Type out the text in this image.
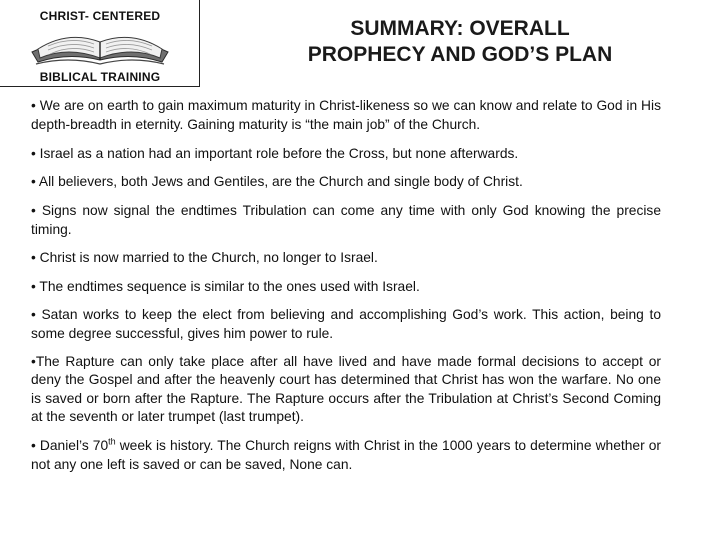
CHRIST- CENTERED
BIBLICAL TRAINING
SUMMARY: OVERALL
PROPHECY AND GOD’S PLAN
• We are on earth to gain maximum maturity in Christ-likeness so we can know and relate to God in His depth-breadth in eternity. Gaining maturity is “the main job” of the Church.
• Israel as a nation had an important role before the Cross, but none afterwards.
• All believers, both Jews and Gentiles, are the Church and single body of Christ.
• Signs now signal the endtimes Tribulation can come any time with only God knowing the precise timing.
• Christ is now married to the Church, no longer to Israel.
• The endtimes sequence is similar to the ones used with Israel.
• Satan works to keep the elect from believing and accomplishing God’s work. This action, being to some degree successful, gives him power to rule.
•The Rapture can only take place after all have lived and have made formal decisions to accept or deny the Gospel and after the heavenly court has determined that Christ has won the warfare. No one is saved or born after the Rapture. The Rapture occurs after the Tribulation at Christ’s Second Coming at the seventh or later trumpet (last trumpet).
• Daniel’s 70th week is history. The Church reigns with Christ in the 1000 years to determine whether or not any one left is saved or can be saved, None can.
